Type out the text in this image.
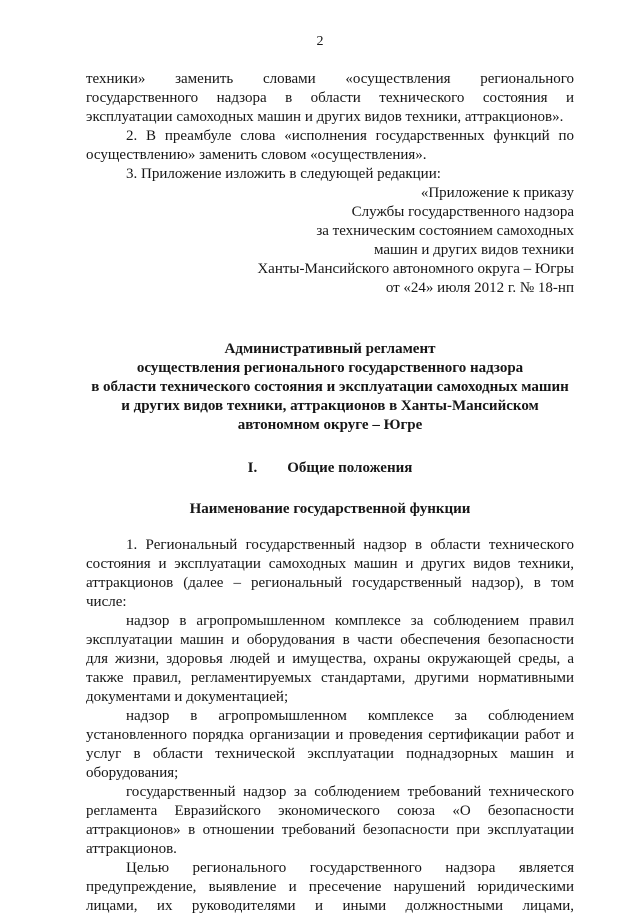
2
техники» заменить словами «осуществления регионального
государственного надзора в области технического состояния и
эксплуатации самоходных машин и других видов техники, аттракционов».
2. В преамбуле слова «исполнения государственных функций по
осуществлению» заменить словом «осуществления».
3. Приложение изложить в следующей редакции:
«Приложение к приказу
Службы государственного надзора
за техническим состоянием самоходных
машин и других видов техники
Ханты-Мансийского автономного округа – Югры
от «24» июля 2012 г. № 18-нп
Административный регламент
осуществления регионального государственного надзора
в области технического состояния и эксплуатации самоходных машин
и других видов техники, аттракционов в Ханты-Мансийском
автономном округе – Югре
I. Общие положения
Наименование государственной функции
1. Региональный государственный надзор в области технического
состояния и эксплуатации самоходных машин и других видов техники,
аттракционов (далее – региональный государственный надзор), в том
числе:
надзор в агропромышленном комплексе за соблюдением правил
эксплуатации машин и оборудования в части обеспечения безопасности
для жизни, здоровья людей и имущества, охраны окружающей среды, а
также правил, регламентируемых стандартами, другими нормативными
документами и документацией;
надзор в агропромышленном комплексе за соблюдением
установленного порядка организации и проведения сертификации работ и
услуг в области технической эксплуатации поднадзорных машин и
оборудования;
государственный надзор за соблюдением требований технического
регламента Евразийского экономического союза «О безопасности
аттракционов» в отношении требований безопасности при эксплуатации
аттракционов.
Целью регионального государственного надзора является
предупреждение, выявление и пресечение нарушений юридическими
лицами, их руководителями и иными должностными лицами,
